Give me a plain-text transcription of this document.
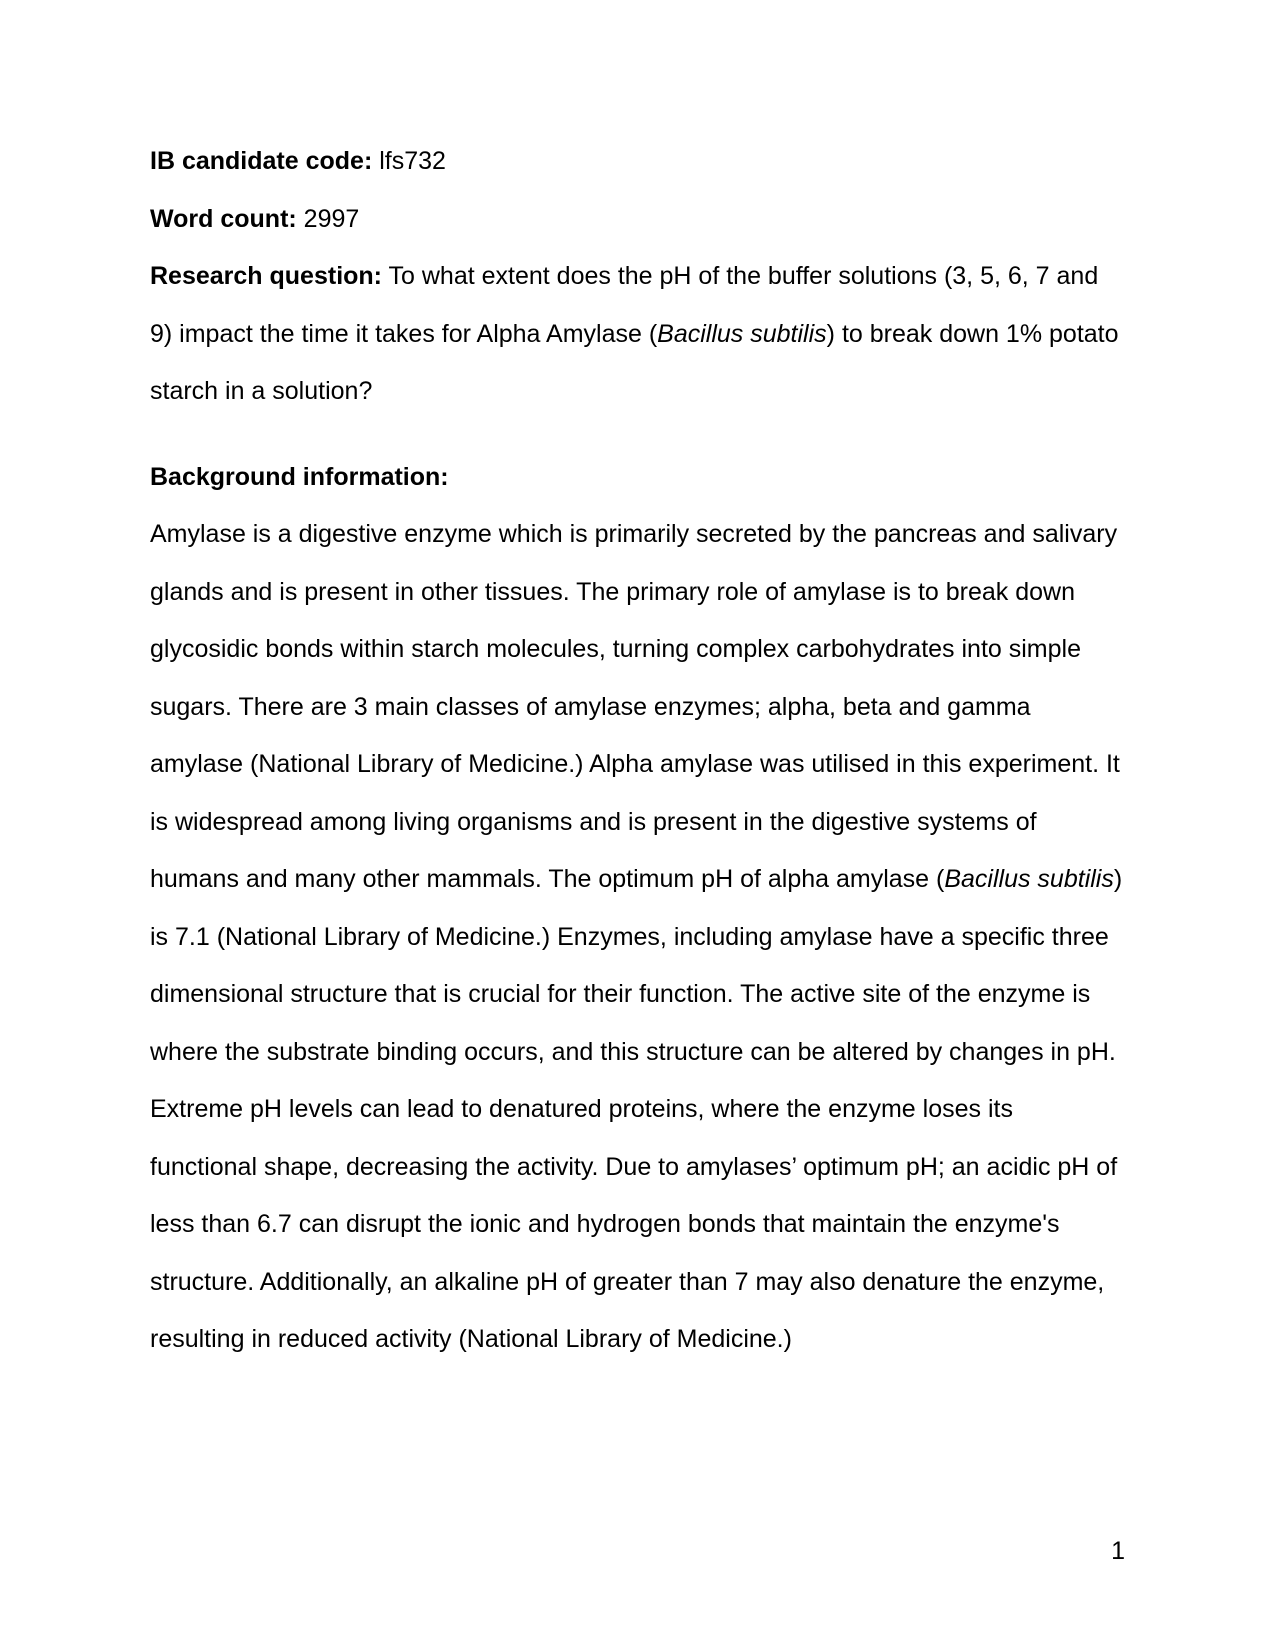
IB candidate code: lfs732

Word count: 2997

Research question: To what extent does the pH of the buffer solutions (3, 5, 6, 7 and 9) impact the time it takes for Alpha Amylase (Bacillus subtilis) to break down 1% potato starch in a solution?

Background information:

Amylase is a digestive enzyme which is primarily secreted by the pancreas and salivary glands and is present in other tissues. The primary role of amylase is to break down glycosidic bonds within starch molecules, turning complex carbohydrates into simple sugars. There are 3 main classes of amylase enzymes; alpha, beta and gamma amylase (National Library of Medicine.) Alpha amylase was utilised in this experiment. It is widespread among living organisms and is present in the digestive systems of humans and many other mammals. The optimum pH of alpha amylase (Bacillus subtilis) is 7.1 (National Library of Medicine.) Enzymes, including amylase have a specific three dimensional structure that is crucial for their function. The active site of the enzyme is where the substrate binding occurs, and this structure can be altered by changes in pH. Extreme pH levels can lead to denatured proteins, where the enzyme loses its functional shape, decreasing the activity. Due to amylases’ optimum pH; an acidic pH of less than 6.7 can disrupt the ionic and hydrogen bonds that maintain the enzyme's structure. Additionally, an alkaline pH of greater than 7 may also denature the enzyme, resulting in reduced activity (National Library of Medicine.)

1
